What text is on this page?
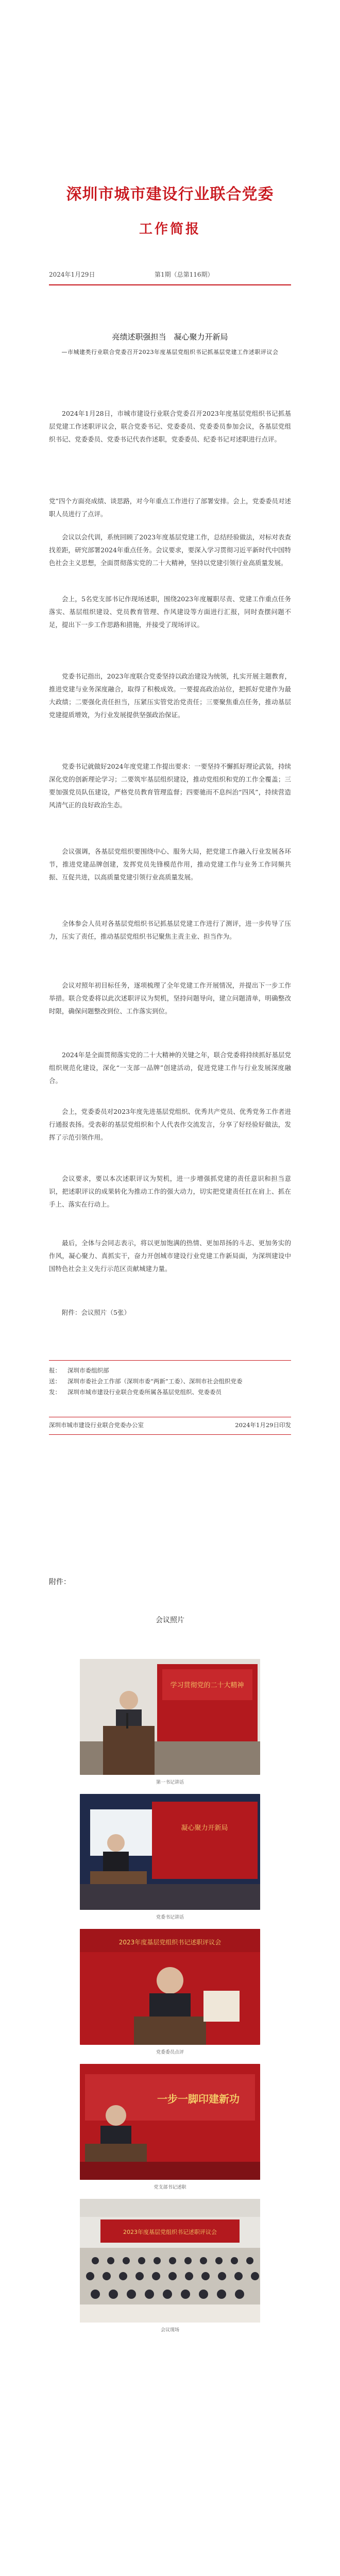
深圳市城市建设行业联合党委
工作简报
2024年1月29日	第1期（总第116期）
亮绩述职强担当　凝心聚力开新局
—市城建类行业联合党委召开2023年度基层党组织书记抓基层党建工作述职评议会

2024年1月28日，市城市建设行业联合党委召开2023年度基层党组织书记抓基层党建工作述职评议会，联合党委书记、党委委员、党委委员参加会议，各基层党组织书记、党委委员、党委书记代表作述职，党委委员、纪委书记对述职进行点评。

党”四个方面亮成绩、谈思路，对今年重点工作进行了部署安排。会上，党委委员对述职人员进行了点评。

会议以会代训，系统回顾了2023年度基层党建工作，总结经验做法，对标对表查找差距，研究部署2024年重点任务。会议要求，要深入学习贯彻习近平新时代中国特色社会主义思想，全面贯彻落实党的二十大精神，坚持以党建引领行业高质量发展。

会上，5名党支部书记作现场述职，围绕2023年度履职尽责、党建工作重点任务落实、基层组织建设、党员教育管理、作风建设等方面进行汇报，同时查摆问题不足，提出下一步工作思路和措施，并接受了现场评议。

党委书记指出，2023年度联合党委坚持以政治建设为统领，扎实开展主题教育，推进党建与业务深度融合，取得了积极成效。一要提高政治站位，把抓好党建作为最大政绩；二要强化责任担当，压紧压实管党治党责任；三要聚焦重点任务，推动基层党建提质增效，为行业发展提供坚强政治保证。

党委书记就做好2024年度党建工作提出要求：一要坚持不懈抓好理论武装，持续深化党的创新理论学习；二要筑牢基层组织建设，推动党组织和党的工作全覆盖；三要加强党员队伍建设，严格党员教育管理监督；四要驰而不息纠治“四风”，持续营造风清气正的良好政治生态。

会议强调，各基层党组织要围绕中心、服务大局，把党建工作融入行业发展各环节，推进党建品牌创建，发挥党员先锋模范作用，推动党建工作与业务工作同频共振、互促共进，以高质量党建引领行业高质量发展。

全体参会人员对各基层党组织书记抓基层党建工作进行了测评，进一步传导了压力，压实了责任，推动基层党组织书记聚焦主责主业、担当作为。

会议对照年初目标任务，逐项梳理了全年党建工作开展情况，并提出下一步工作举措。联合党委将以此次述职评议为契机，坚持问题导向，建立问题清单，明确整改时限，确保问题整改到位、工作落实到位。

2024年是全面贯彻落实党的二十大精神的关键之年，联合党委将持续抓好基层党组织规范化建设，深化“一支部一品牌”创建活动，促进党建工作与行业发展深度融合。

会上，党委委员对2023年度先进基层党组织、优秀共产党员、优秀党务工作者进行通报表扬。受表彰的基层党组织和个人代表作交流发言，分享了好经验好做法，发挥了示范引领作用。

会议要求，要以本次述职评议为契机，进一步增强抓党建的责任意识和担当意识，把述职评议的成果转化为推动工作的强大动力，切实把党建责任扛在肩上、抓在手上、落实在行动上。

最后，全体与会同志表示，将以更加饱满的热情、更加昂扬的斗志、更加务实的作风，凝心聚力、真抓实干，奋力开创城市建设行业党建工作新局面，为深圳建设中国特色社会主义先行示范区贡献城建力量。

附件：会议照片（5张）

报：	深圳市委组织部
送：	深圳市委社会工作部（深圳市委“两新”工委）、深圳市社会组织党委
发：	深圳市城市建设行业联合党委所属各基层党组织、党委委员
深圳市城市建设行业联合党委办公室	2024年1月29日印发
附件：
会议照片
学习贯彻党的二十大精神
第一书记讲话
凝心聚力开新局
党委书记讲话
2023年度基层党组织书记述职评议会
党委委员点评
一步一脚印建新功
党支部书记述职
2023年度基层党组织书记述职评议会
会议现场
